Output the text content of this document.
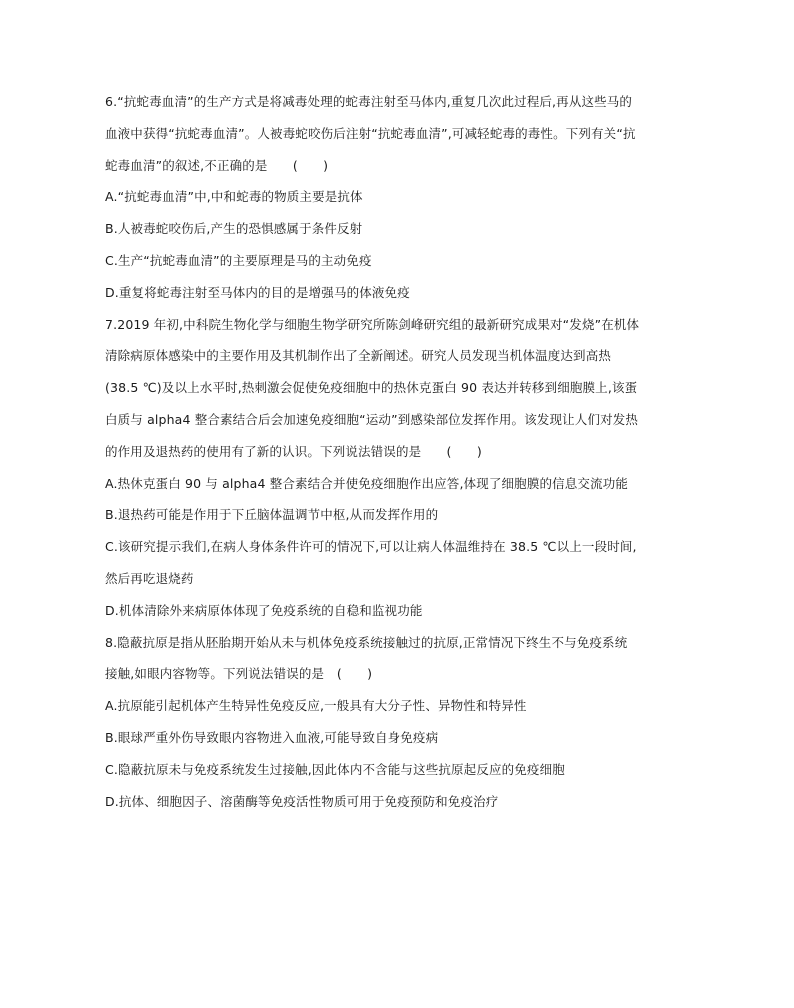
6.“抗蛇毒血清”的生产方式是将减毒处理的蛇毒注射至马体内,重复几次此过程后,再从这些马的
血液中获得“抗蛇毒血清”。人被毒蛇咬伤后注射“抗蛇毒血清”,可减轻蛇毒的毒性。下列有关“抗
蛇毒血清”的叙述,不正确的是　　(　　)
A.“抗蛇毒血清”中,中和蛇毒的物质主要是抗体
B.人被毒蛇咬伤后,产生的恐惧感属于条件反射
C.生产“抗蛇毒血清”的主要原理是马的主动免疫
D.重复将蛇毒注射至马体内的目的是增强马的体液免疫
7.2019 年初,中科院生物化学与细胞生物学研究所陈剑峰研究组的最新研究成果对“发烧”在机体
清除病原体感染中的主要作用及其机制作出了全新阐述。研究人员发现当机体温度达到高热
(38.5 ℃)及以上水平时,热刺激会促使免疫细胞中的热休克蛋白 90 表达并转移到细胞膜上,该蛋
白质与 alpha4 整合素结合后会加速免疫细胞“运动”到感染部位发挥作用。该发现让人们对发热
的作用及退热药的使用有了新的认识。下列说法错误的是　　(　　)
A.热休克蛋白 90 与 alpha4 整合素结合并使免疫细胞作出应答,体现了细胞膜的信息交流功能
B.退热药可能是作用于下丘脑体温调节中枢,从而发挥作用的
C.该研究提示我们,在病人身体条件许可的情况下,可以让病人体温维持在 38.5 ℃以上一段时间,
然后再吃退烧药
D.机体清除外来病原体体现了免疫系统的自稳和监视功能
8.隐蔽抗原是指从胚胎期开始从未与机体免疫系统接触过的抗原,正常情况下终生不与免疫系统
接触,如眼内容物等。下列说法错误的是　(　　)
A.抗原能引起机体产生特异性免疫反应,一般具有大分子性、异物性和特异性
B.眼球严重外伤导致眼内容物进入血液,可能导致自身免疫病
C.隐蔽抗原未与免疫系统发生过接触,因此体内不含能与这些抗原起反应的免疫细胞
D.抗体、细胞因子、溶菌酶等免疫活性物质可用于免疫预防和免疫治疗
